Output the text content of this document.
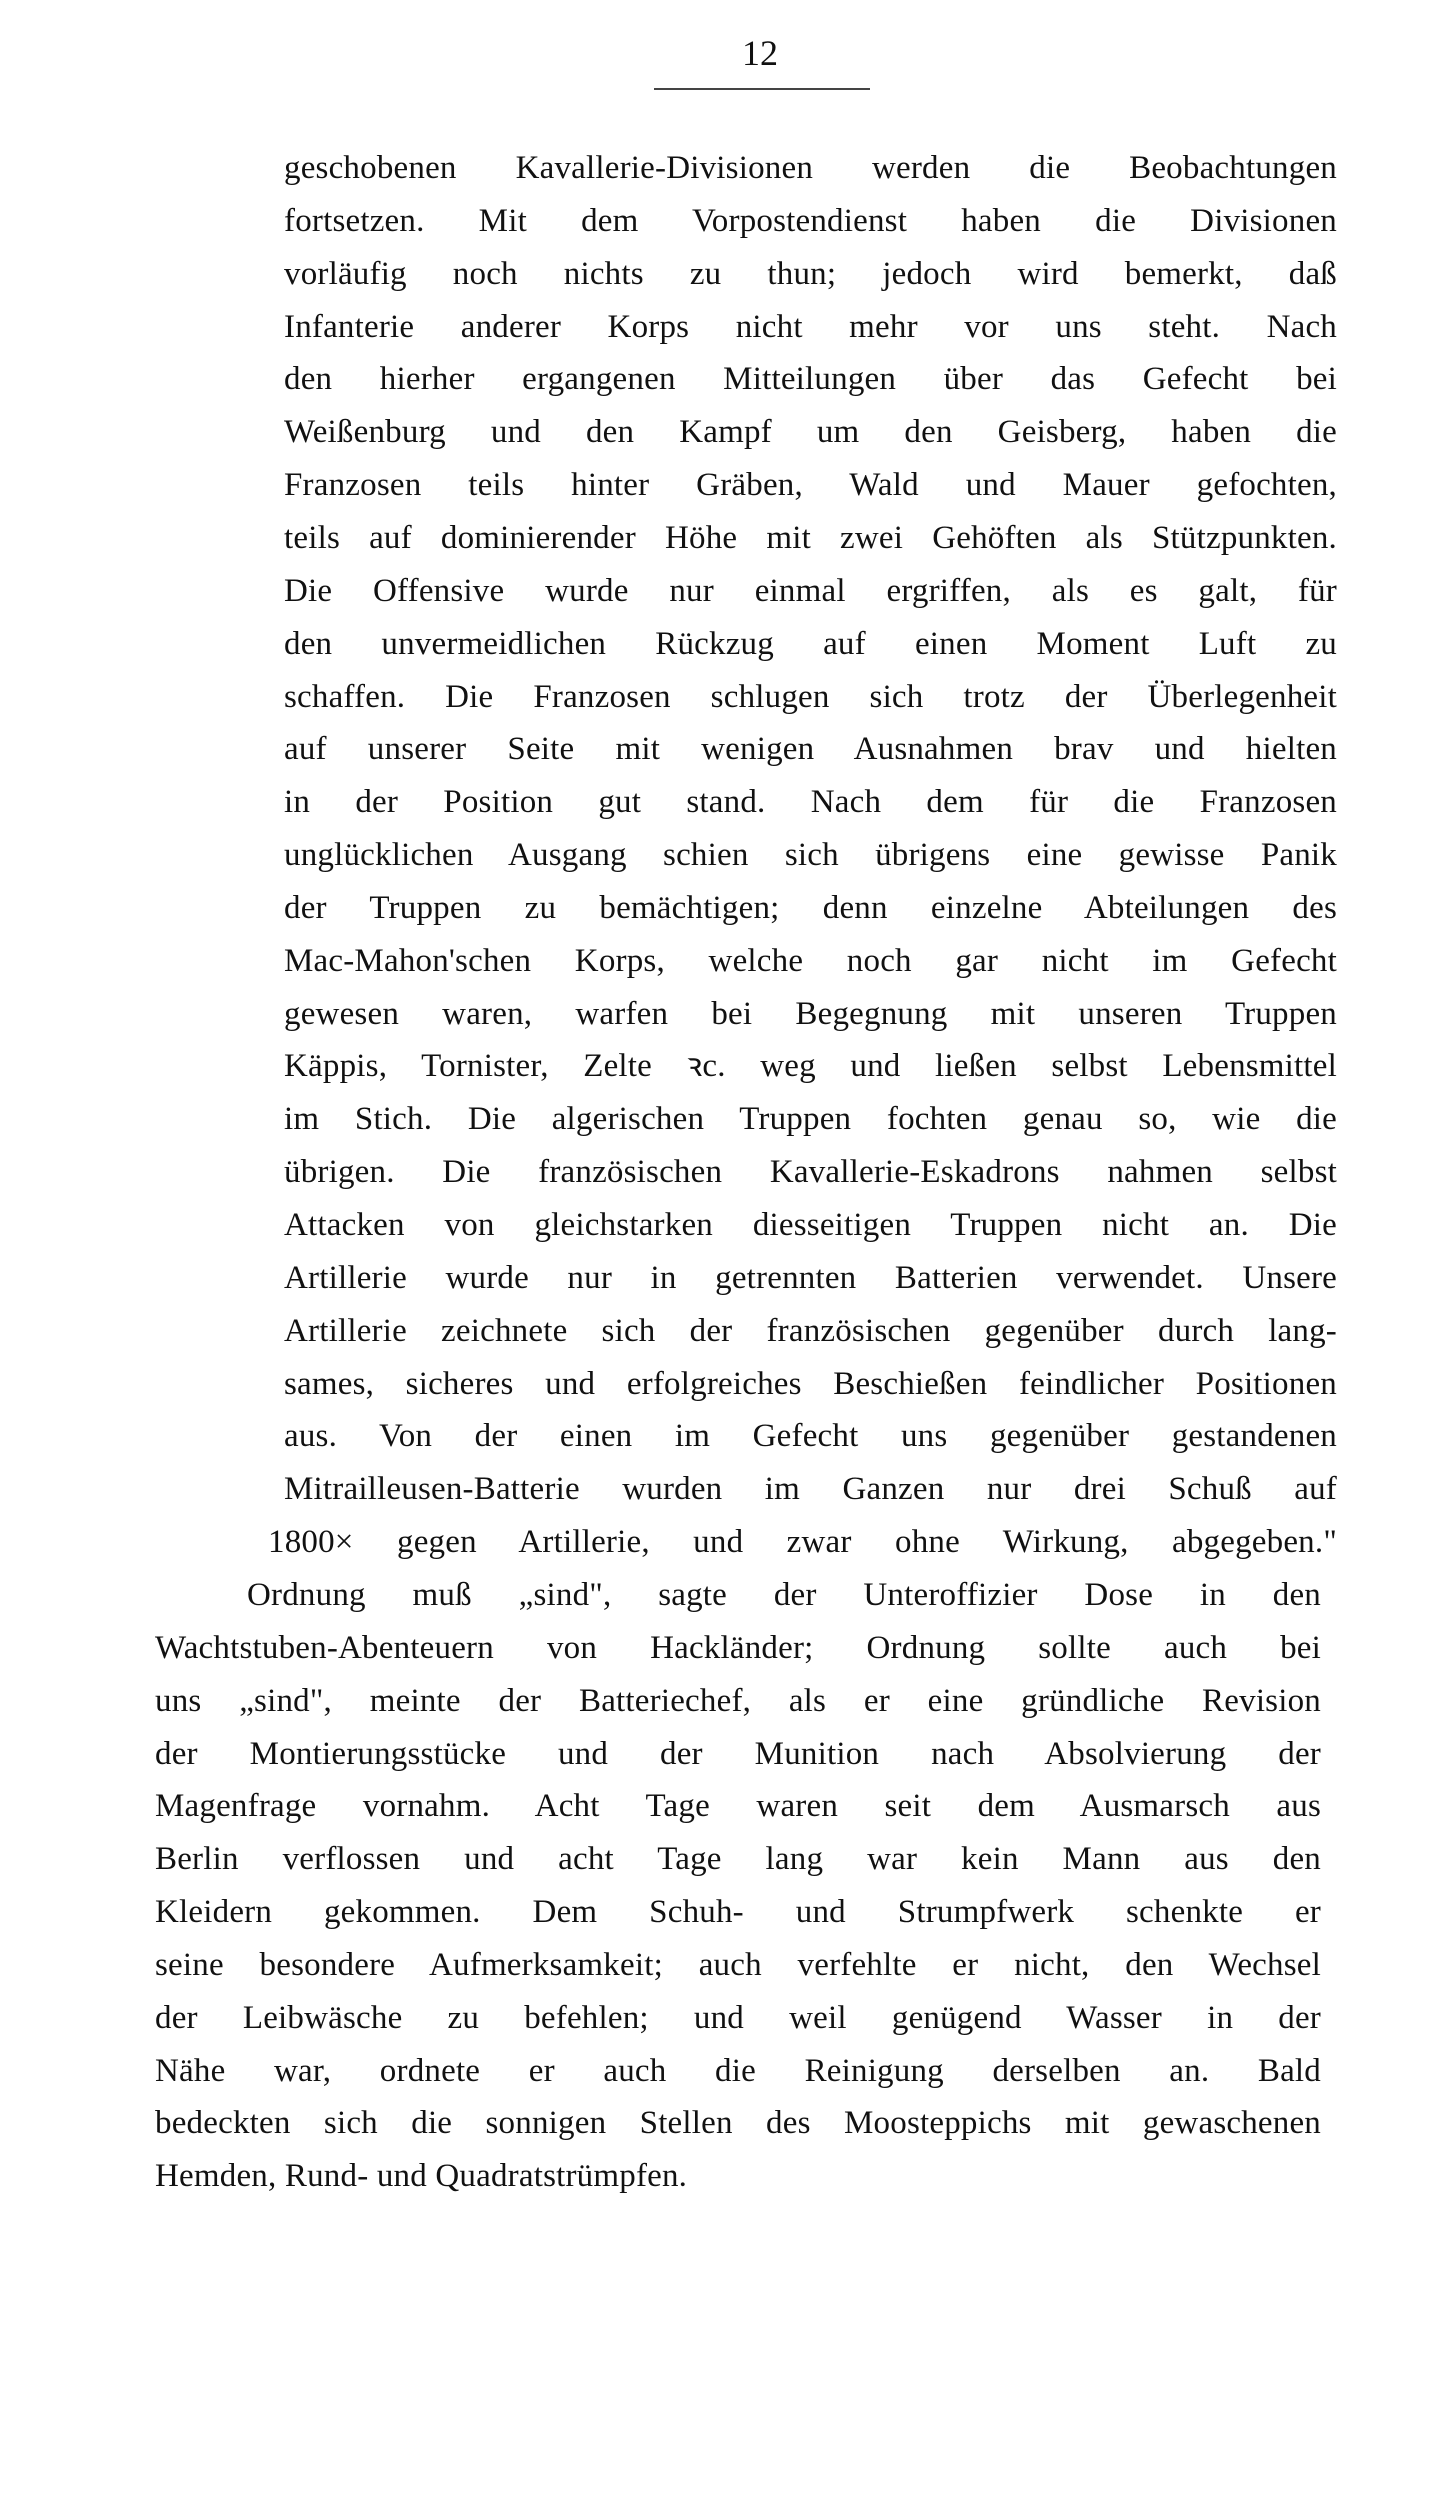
12
geschobenen Kavallerie-Divisionen werden die Beobachtungen
fortsetzen. Mit dem Vorpostendienst haben die Divisionen
vorläufig noch nichts zu thun; jedoch wird bemerkt, daß
Infanterie anderer Korps nicht mehr vor uns steht. Nach
den hierher ergangenen Mitteilungen über das Gefecht bei
Weißenburg und den Kampf um den Geisberg, haben die
Franzosen teils hinter Gräben, Wald und Mauer gefochten,
teils auf dominierender Höhe mit zwei Gehöften als Stützpunkten.
Die Offensive wurde nur einmal ergriffen, als es galt, für
den unvermeidlichen Rückzug auf einen Moment Luft zu
schaffen. Die Franzosen schlugen sich trotz der Überlegenheit
auf unserer Seite mit wenigen Ausnahmen brav und hielten
in der Position gut stand. Nach dem für die Franzosen
unglücklichen Ausgang schien sich übrigens eine gewisse Panik
der Truppen zu bemächtigen; denn einzelne Abteilungen des
Mac-Mahon'schen Korps, welche noch gar nicht im Gefecht
gewesen waren, warfen bei Begegnung mit unseren Truppen
Käppis, Tornister, Zelte ꝛc. weg und ließen selbst Lebensmittel
im Stich. Die algerischen Truppen fochten genau so, wie die
übrigen. Die französischen Kavallerie-Eskadrons nahmen selbst
Attacken von gleichstarken diesseitigen Truppen nicht an. Die
Artillerie wurde nur in getrennten Batterien verwendet. Unsere
Artillerie zeichnete sich der französischen gegenüber durch lang-
sames, sicheres und erfolgreiches Beschießen feindlicher Positionen
aus. Von der einen im Gefecht uns gegenüber gestandenen
Mitrailleusen-Batterie wurden im Ganzen nur drei Schuß auf
1800× gegen Artillerie, und zwar ohne Wirkung, abgegeben."
Ordnung muß „sind", sagte der Unteroffizier Dose in den
Wachtstuben-Abenteuern von Hackländer; Ordnung sollte auch bei
uns „sind", meinte der Batteriechef, als er eine gründliche Revision
der Montierungsstücke und der Munition nach Absolvierung der
Magenfrage vornahm. Acht Tage waren seit dem Ausmarsch aus
Berlin verflossen und acht Tage lang war kein Mann aus den
Kleidern gekommen. Dem Schuh- und Strumpfwerk schenkte er
seine besondere Aufmerksamkeit; auch verfehlte er nicht, den Wechsel
der Leibwäsche zu befehlen; und weil genügend Wasser in der
Nähe war, ordnete er auch die Reinigung derselben an. Bald
bedeckten sich die sonnigen Stellen des Moosteppichs mit gewaschenen
Hemden, Rund- und Quadratstrümpfen.
